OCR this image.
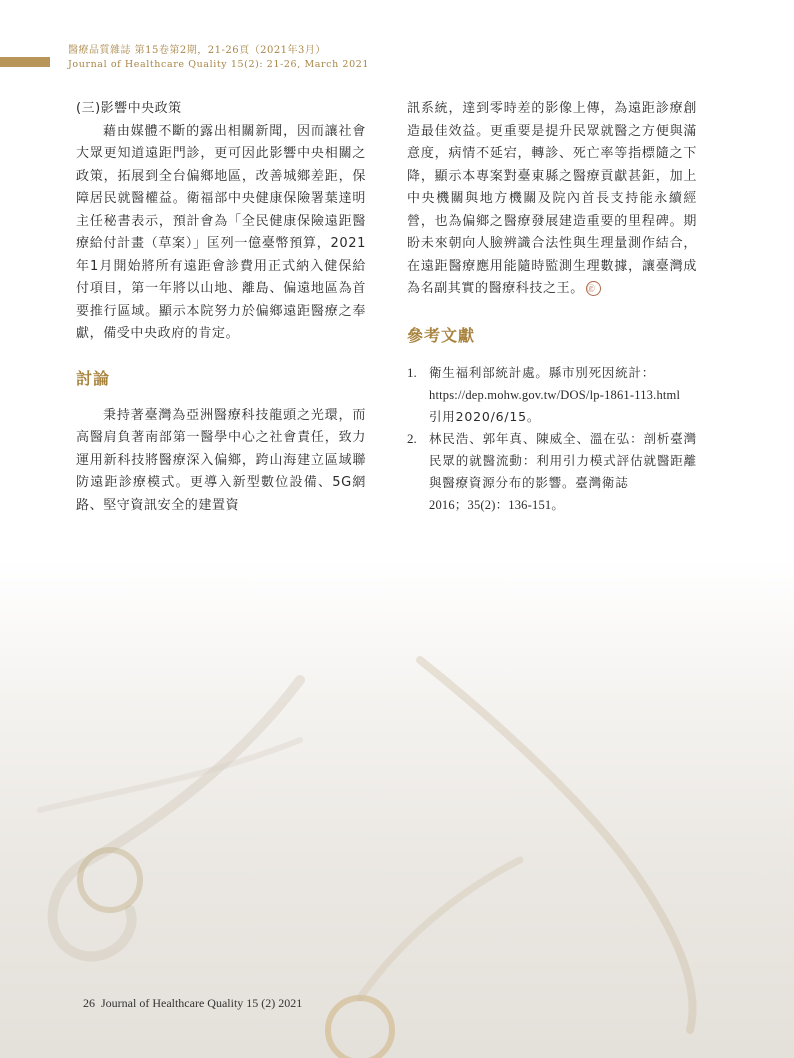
醫療品質雜誌 第15卷第2期，21-26頁（2021年3月）
Journal of Healthcare Quality 15(2): 21-26, March 2021

(三)影響中央政策

藉由媒體不斷的露出相關新聞，因而讓社會大眾更知道遠距門診，更可因此影響中央相關之政策，拓展到全台偏鄉地區，改善城鄉差距，保障居民就醫權益。衛福部中央健康保險署葉達明主任秘書表示，預計會為「全民健康保險遠距醫療給付計畫（草案）」匡列一億臺幣預算，2021年1月開始將所有遠距會診費用正式納入健保給付項目，第一年將以山地、離島、偏遠地區為首要推行區域。顯示本院努力於偏鄉遠距醫療之奉獻，備受中央政府的肯定。

討論

秉持著臺灣為亞洲醫療科技龍頭之光環，而高醫肩負著南部第一醫學中心之社會責任，致力運用新科技將醫療深入偏鄉，跨山海建立區域聯防遠距診療模式。更導入新型數位設備、5G網路、堅守資訊安全的建置資

訊系統，達到零時差的影像上傳，為遠距診療創造最佳效益。更重要是提升民眾就醫之方便與滿意度，病情不延宕，轉診、死亡率等指標隨之下降，顯示本專案對臺東縣之醫療貢獻甚鉅，加上中央機關與地方機關及院內首長支持能永續經營，也為偏鄉之醫療發展建造重要的里程碑。期盼未來朝向人臉辨識合法性與生理量測作結合，在遠距醫療應用能隨時監測生理數據，讓臺灣成為名副其實的醫療科技之王。 ㊣

參考文獻
1. 衛生福利部統計處。縣市別死因統計：
https://dep.mohw.gov.tw/DOS/lp-1861-113.html
引用2020/6/15。
2. 林民浩、郭年真、陳威全、溫在弘：剖析臺灣民眾的就醫流動：利用引力模式評估就醫距離與醫療資源分布的影響。臺灣衛誌
2016；35(2)：136-151。
26 Journal of Healthcare Quality 15 (2) 2021
